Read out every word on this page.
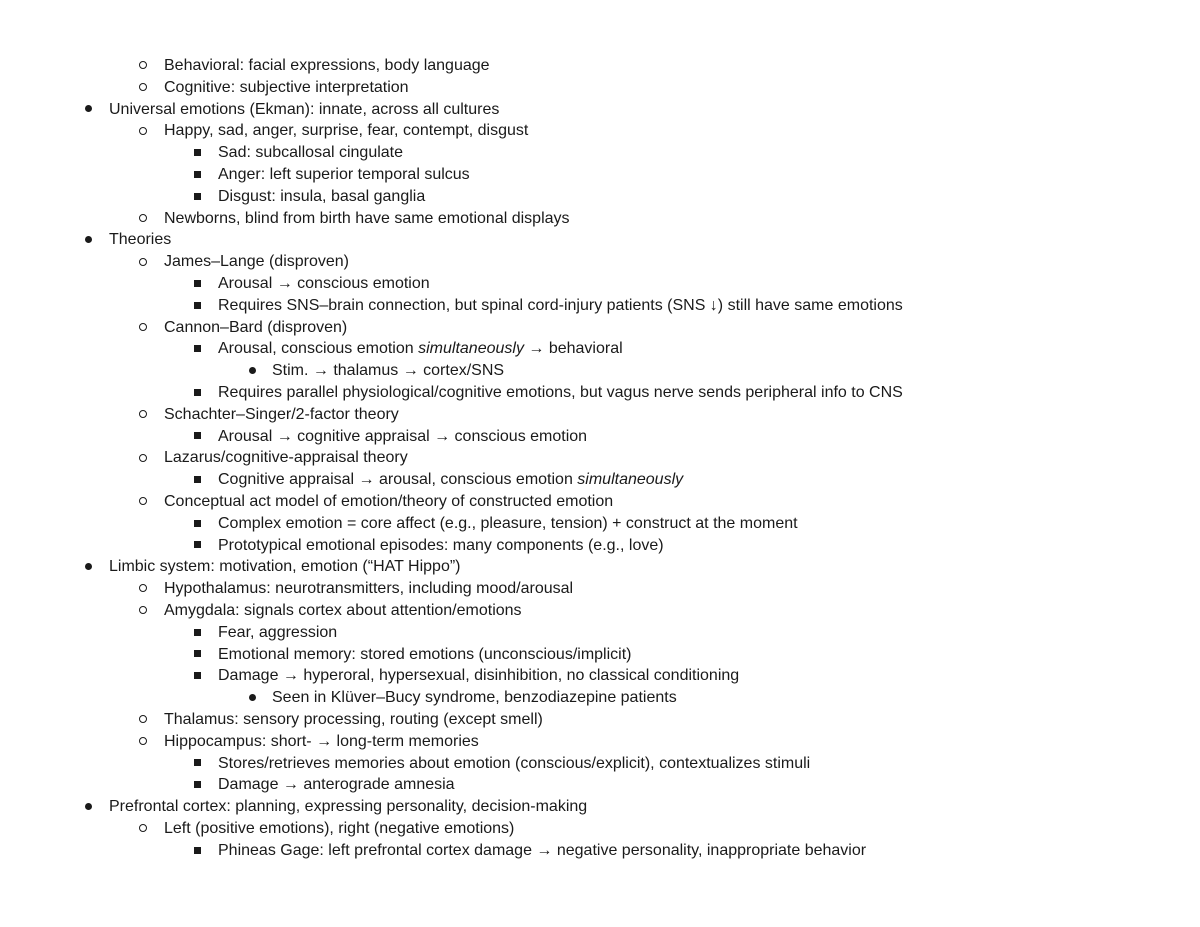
Behavioral: facial expressions, body language
Cognitive: subjective interpretation
Universal emotions (Ekman): innate, across all cultures
Happy, sad, anger, surprise, fear, contempt, disgust
Sad: subcallosal cingulate
Anger: left superior temporal sulcus
Disgust: insula, basal ganglia
Newborns, blind from birth have same emotional displays
Theories
James–Lange (disproven)
Arousal → conscious emotion
Requires SNS–brain connection, but spinal cord-injury patients (SNS ↓) still have same emotions
Cannon–Bard (disproven)
Arousal, conscious emotion simultaneously → behavioral
Stim. → thalamus → cortex/SNS
Requires parallel physiological/cognitive emotions, but vagus nerve sends peripheral info to CNS
Schachter–Singer/2-factor theory
Arousal → cognitive appraisal → conscious emotion
Lazarus/cognitive-appraisal theory
Cognitive appraisal → arousal, conscious emotion simultaneously
Conceptual act model of emotion/theory of constructed emotion
Complex emotion = core affect (e.g., pleasure, tension) + construct at the moment
Prototypical emotional episodes: many components (e.g., love)
Limbic system: motivation, emotion (“HAT Hippo”)
Hypothalamus: neurotransmitters, including mood/arousal
Amygdala: signals cortex about attention/emotions
Fear, aggression
Emotional memory: stored emotions (unconscious/implicit)
Damage → hyperoral, hypersexual, disinhibition, no classical conditioning
Seen in Klüver–Bucy syndrome, benzodiazepine patients
Thalamus: sensory processing, routing (except smell)
Hippocampus: short- → long-term memories
Stores/retrieves memories about emotion (conscious/explicit), contextualizes stimuli
Damage → anterograde amnesia
Prefrontal cortex: planning, expressing personality, decision-making
Left (positive emotions), right (negative emotions)
Phineas Gage: left prefrontal cortex damage → negative personality, inappropriate behavior
